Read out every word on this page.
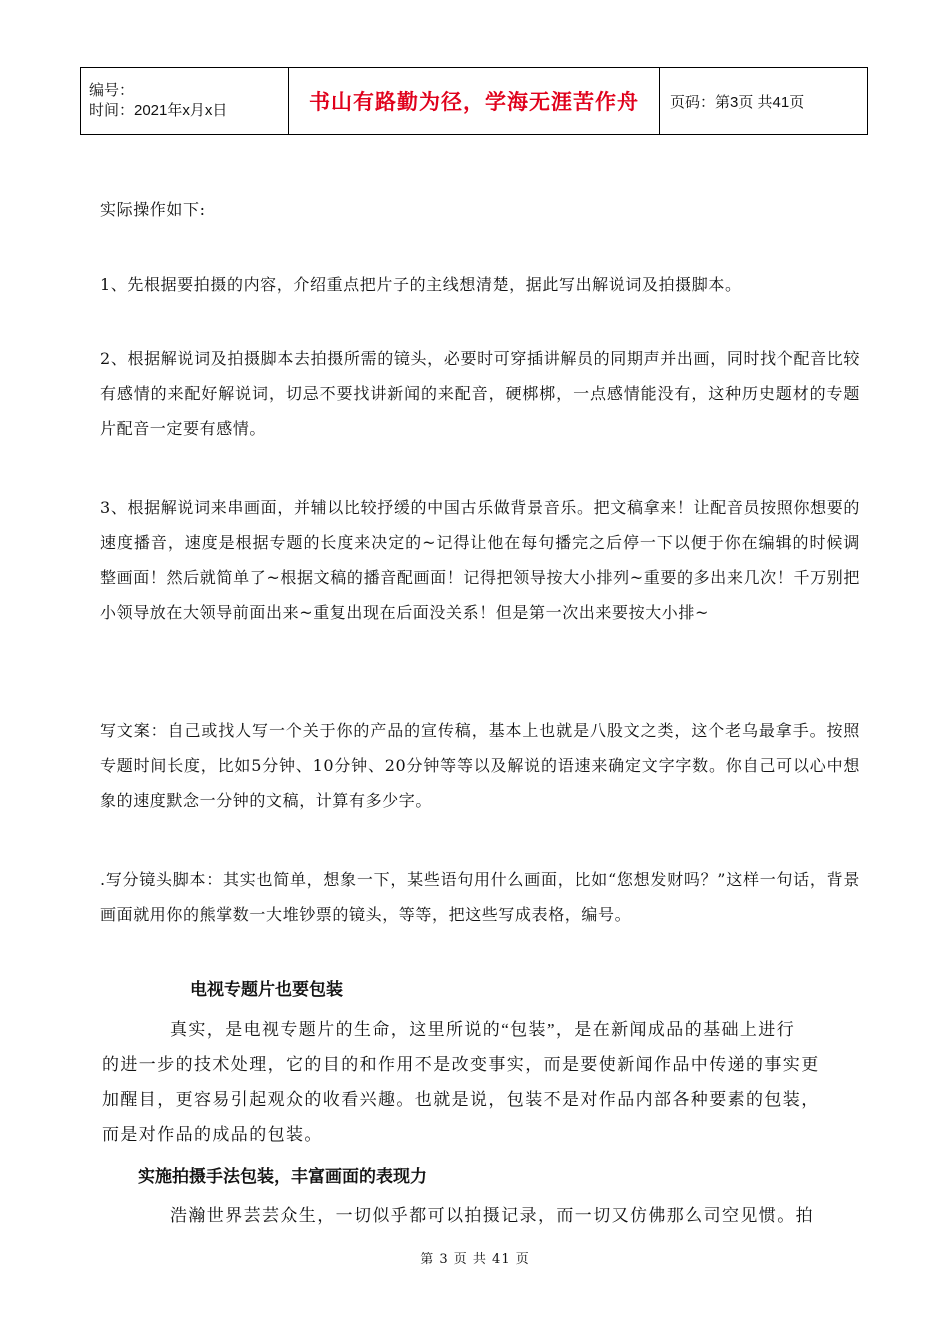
编号：
时间：2021年x月x日	书山有路勤为径，学海无涯苦作舟	页码：第3页 共41页

实际操作如下:

1、先根据要拍摄的内容，介绍重点把片子的主线想清楚，据此写出解说词及拍摄脚本。

2、根据解说词及拍摄脚本去拍摄所需的镜头，必要时可穿插讲解员的同期声并出画，同时找个配音比较有感情的来配好解说词，切忌不要找讲新闻的来配音，硬梆梆，一点感情能没有，这种历史题材的专题片配音一定要有感情。

3、根据解说词来串画面，并辅以比较抒缓的中国古乐做背景音乐。把文稿拿来！让配音员按照你想要的速度播音，速度是根据专题的长度来决定的~记得让他在每句播完之后停一下以便于你在编辑的时候调整画面！然后就简单了~根据文稿的播音配画面！记得把领导按大小排列~重要的多出来几次！千万别把小领导放在大领导前面出来~重复出现在后面没关系！但是第一次出来要按大小排~

写文案：自己或找人写一个关于你的产品的宣传稿，基本上也就是八股文之类，这个老乌最拿手。按照专题时间长度，比如5分钟、10分钟、20分钟等等以及解说的语速来确定文字字数。你自己可以心中想象的速度默念一分钟的文稿，计算有多少字。

.写分镜头脚本：其实也简单，想象一下，某些语句用什么画面，比如“您想发财吗？”这样一句话，背景画面就用你的熊掌数一大堆钞票的镜头，等等，把这些写成表格，编号。

电视专题片也要包装

真实，是电视专题片的生命，这里所说的“包装”，是在新闻成品的基础上进行

的进一步的技术处理，它的目的和作用不是改变事实，而是要使新闻作品中传递的事实更

加醒目，更容易引起观众的收看兴趣。也就是说，包装不是对作品内部各种要素的包装，

而是对作品的成品的包装。

实施拍摄手法包装，丰富画面的表现力

浩瀚世界芸芸众生，一切似乎都可以拍摄记录，而一切又仿佛那么司空见惯。拍

第 3 页 共 41 页
